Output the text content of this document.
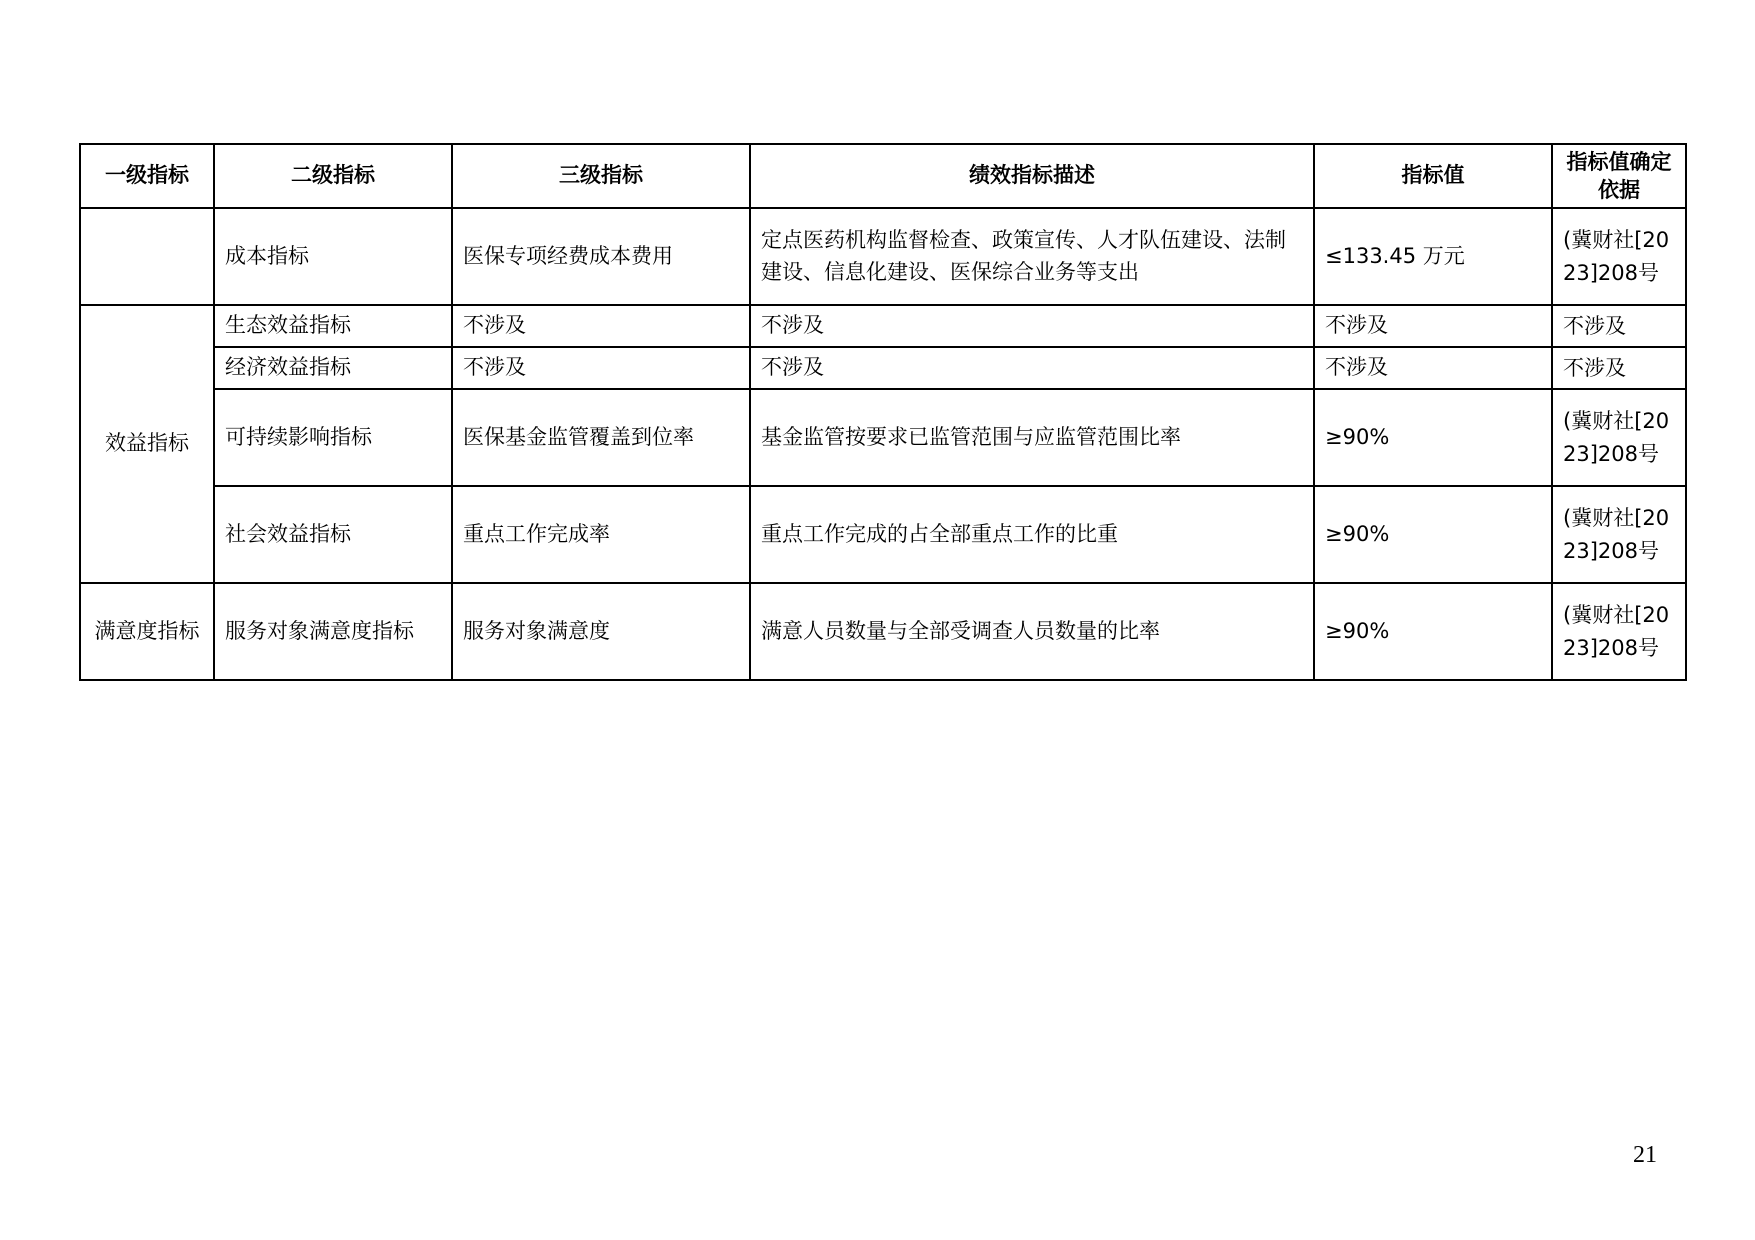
一级指标	二级指标	三级指标	绩效指标描述	指标值	指标值确定依据
	成本指标	医保专项经费成本费用	定点医药机构监督检查、政策宣传、人才队伍建设、法制建设、信息化建设、医保综合业务等支出	≤133.45 万元	(冀财社[2023]208号
效益指标	生态效益指标	不涉及	不涉及	不涉及	不涉及
	经济效益指标	不涉及	不涉及	不涉及	不涉及
	可持续影响指标	医保基金监管覆盖到位率	基金监管按要求已监管范围与应监管范围比率	≥90%	(冀财社[2023]208号
	社会效益指标	重点工作完成率	重点工作完成的占全部重点工作的比重	≥90%	(冀财社[2023]208号
满意度指标	服务对象满意度指标	服务对象满意度	满意人员数量与全部受调查人员数量的比率	≥90%	(冀财社[2023]208号
21
